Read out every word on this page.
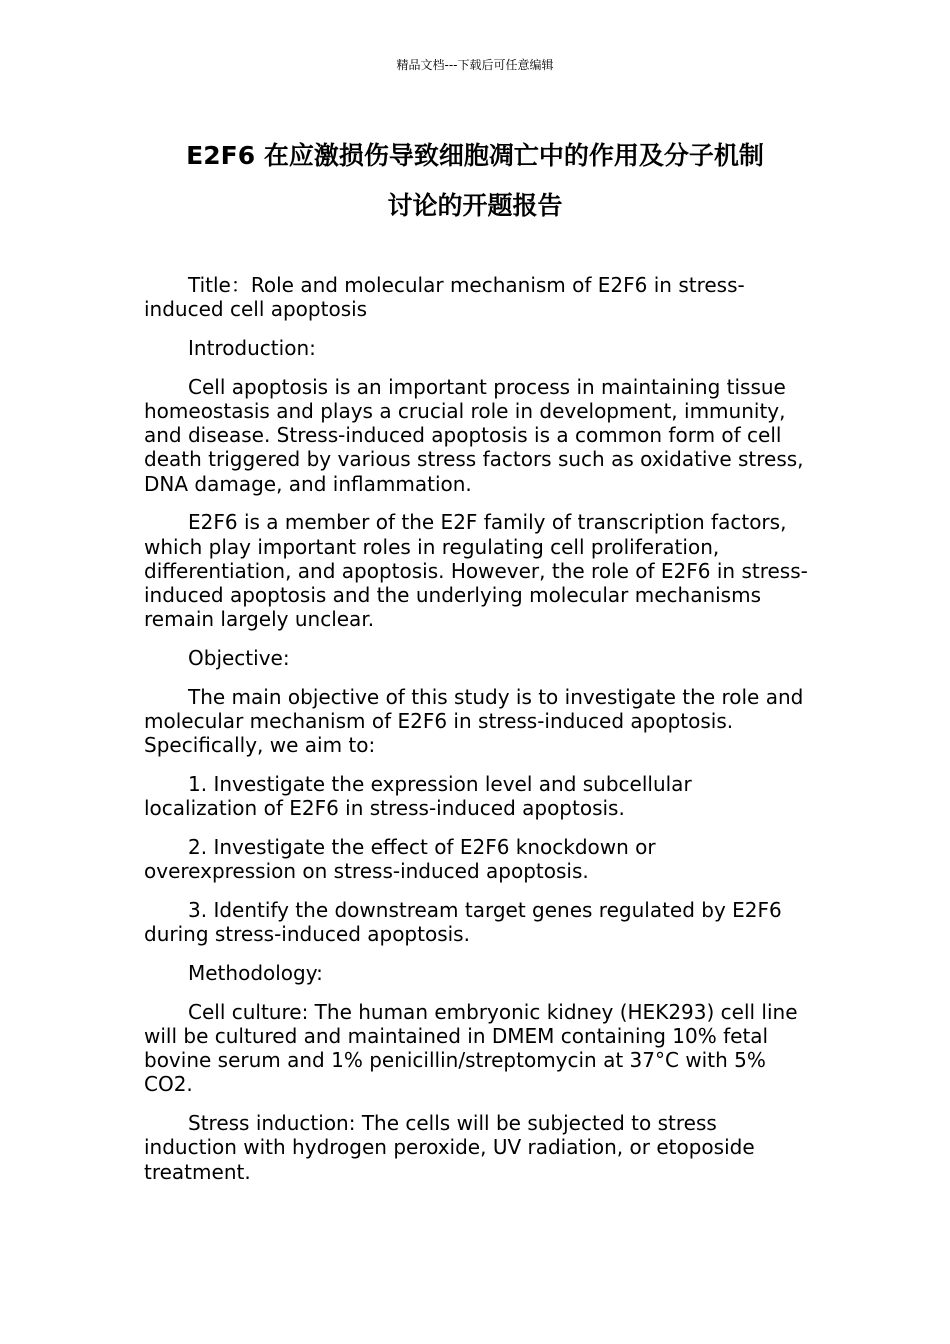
精品文档---下载后可任意编辑
E2F6 在应激损伤导致细胞凋亡中的作用及分子机制
讨论的开题报告

Title：Role and molecular mechanism of E2F6 in stress-induced cell apoptosis

Introduction:

Cell apoptosis is an important process in maintaining tissue homeostasis and plays a crucial role in development, immunity, and disease. Stress-induced apoptosis is a common form of cell death triggered by various stress factors such as oxidative stress, DNA damage, and inflammation.

E2F6 is a member of the E2F family of transcription factors, which play important roles in regulating cell proliferation, differentiation, and apoptosis. However, the role of E2F6 in stress-induced apoptosis and the underlying molecular mechanisms remain largely unclear.

Objective:

The main objective of this study is to investigate the role and molecular mechanism of E2F6 in stress-induced apoptosis. Specifically, we aim to:

1. Investigate the expression level and subcellular localization of E2F6 in stress-induced apoptosis.

2. Investigate the effect of E2F6 knockdown or overexpression on stress-induced apoptosis.

3. Identify the downstream target genes regulated by E2F6 during stress-induced apoptosis.

Methodology:

Cell culture: The human embryonic kidney (HEK293) cell line will be cultured and maintained in DMEM containing 10% fetal bovine serum and 1% penicillin/streptomycin at 37°C with 5% CO2.

Stress induction: The cells will be subjected to stress induction with hydrogen peroxide, UV radiation, or etoposide treatment.
